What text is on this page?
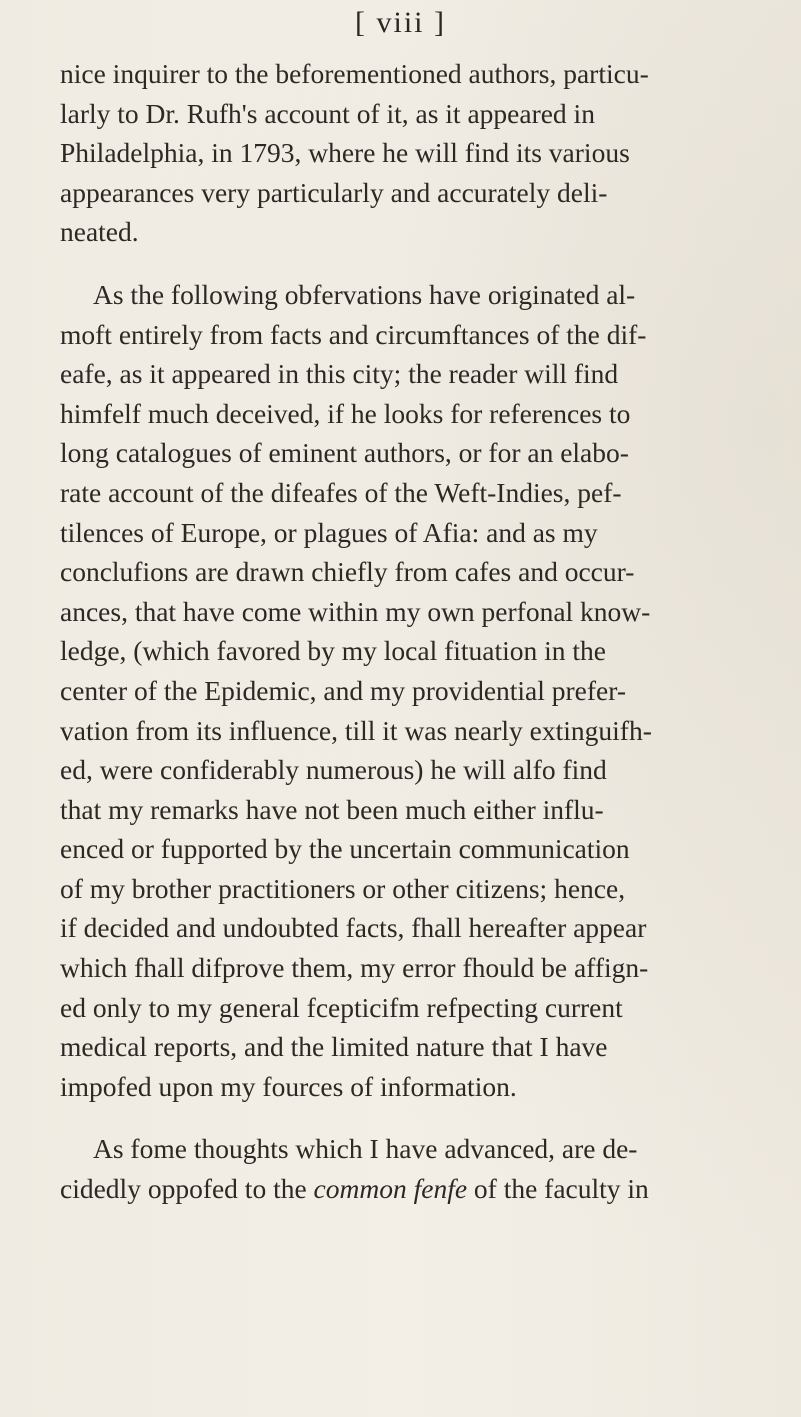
[ viii ]

nice inquirer to the beforementioned authors, particu-
larly to Dr. Rufh's account of it, as it appeared in
Philadelphia, in 1793, where he will find its various
appearances very particularly and accurately deli-
neated.

As the following obfervations have originated al-
moft entirely from facts and circumftances of the dif-
eafe, as it appeared in this city; the reader will find
himfelf much deceived, if he looks for references to
long catalogues of eminent authors, or for an elabo-
rate account of the difeafes of the Weft-Indies, pef-
tilences of Europe, or plagues of Afia: and as my
conclufions are drawn chiefly from cafes and occur-
ances, that have come within my own perfonal know-
ledge, (which favored by my local fituation in the
center of the Epidemic, and my providential prefer-
vation from its influence, till it was nearly extinguifh-
ed, were confiderably numerous) he will alfo find
that my remarks have not been much either influ-
enced or fupported by the uncertain communication
of my brother practitioners or other citizens; hence,
if decided and undoubted facts, fhall hereafter appear
which fhall difprove them, my error fhould be affign-
ed only to my general fcepticifm refpecting current
medical reports, and the limited nature that I have
impofed upon my fources of information.

As fome thoughts which I have advanced, are de-
cidedly oppofed to the common fenfe of the faculty in
